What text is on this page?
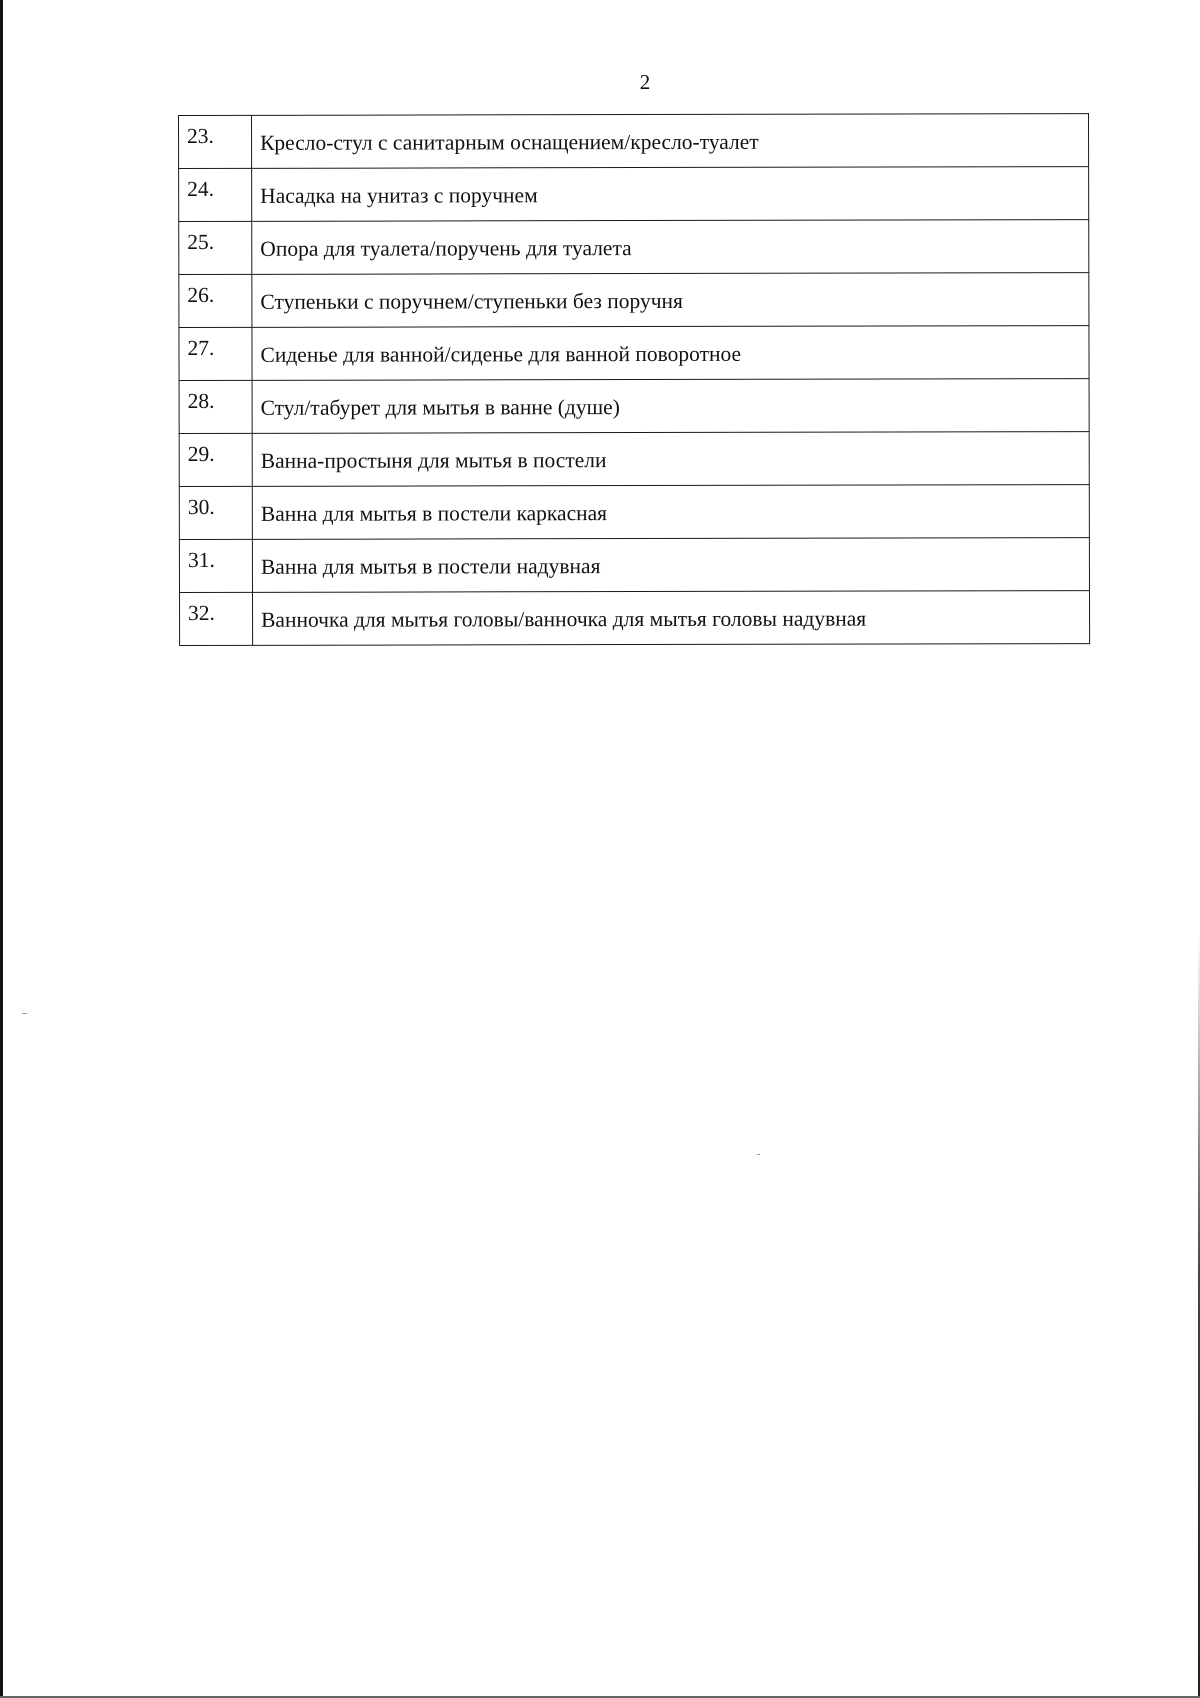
2
23.	Кресло-стул с санитарным оснащением/кресло-туалет
24.	Насадка на унитаз с поручнем
25.	Опора для туалета/поручень для туалета
26.	Ступеньки с поручнем/ступеньки без поручня
27.	Сиденье для ванной/сиденье для ванной поворотное
28.	Стул/табурет для мытья в ванне (душе)
29.	Ванна-простыня для мытья в постели
30.	Ванна для мытья в постели каркасная
31.	Ванна для мытья в постели надувная
32.	Ванночка для мытья головы/ванночка для мытья головы надувная
